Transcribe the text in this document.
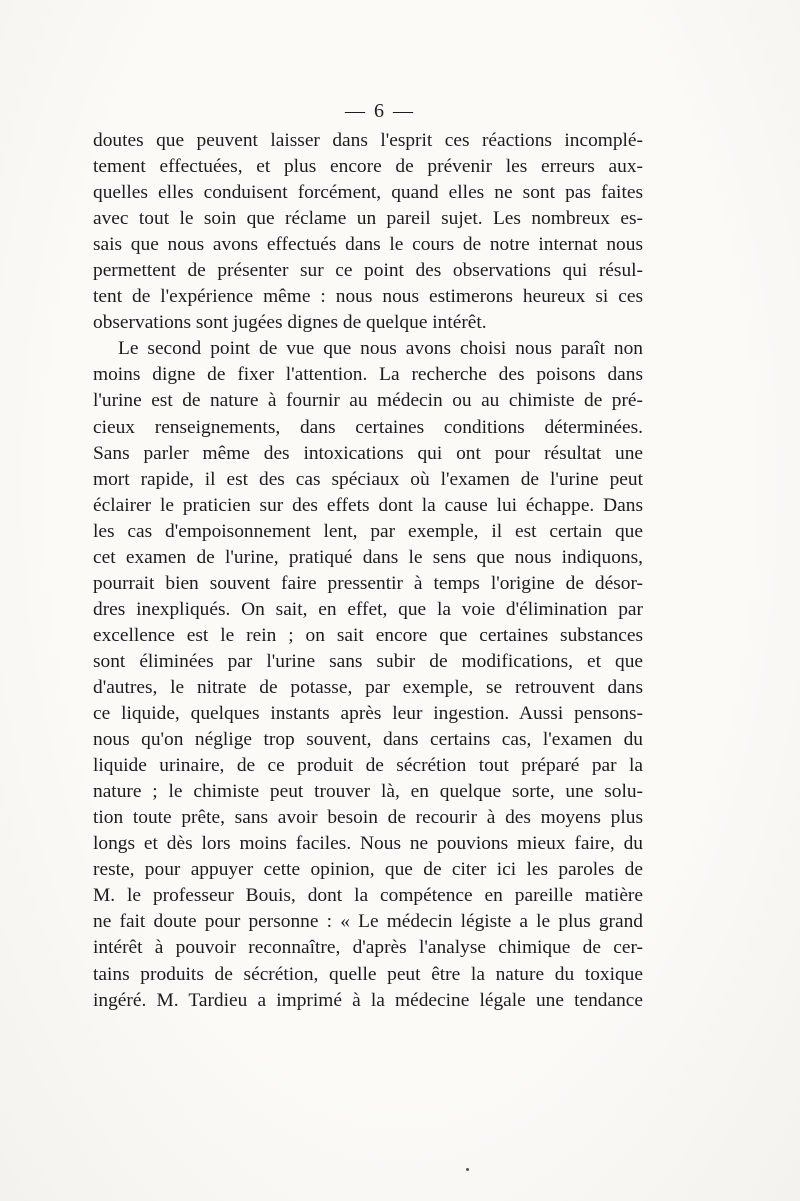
— 6 —
doutes que peuvent laisser dans l'esprit ces réactions incomplé-
tement effectuées, et plus encore de prévenir les erreurs aux-
quelles elles conduisent forcément, quand elles ne sont pas faites
avec tout le soin que réclame un pareil sujet. Les nombreux es-
sais que nous avons effectués dans le cours de notre internat nous
permettent de présenter sur ce point des observations qui résul-
tent de l'expérience même : nous nous estimerons heureux si ces
observations sont jugées dignes de quelque intérêt.
Le second point de vue que nous avons choisi nous paraît non
moins digne de fixer l'attention. La recherche des poisons dans
l'urine est de nature à fournir au médecin ou au chimiste de pré-
cieux renseignements, dans certaines conditions déterminées.
Sans parler même des intoxications qui ont pour résultat une
mort rapide, il est des cas spéciaux où l'examen de l'urine peut
éclairer le praticien sur des effets dont la cause lui échappe. Dans
les cas d'empoisonnement lent, par exemple, il est certain que
cet examen de l'urine, pratiqué dans le sens que nous indiquons,
pourrait bien souvent faire pressentir à temps l'origine de désor-
dres inexpliqués. On sait, en effet, que la voie d'élimination par
excellence est le rein ; on sait encore que certaines substances
sont éliminées par l'urine sans subir de modifications, et que
d'autres, le nitrate de potasse, par exemple, se retrouvent dans
ce liquide, quelques instants après leur ingestion. Aussi pensons-
nous qu'on néglige trop souvent, dans certains cas, l'examen du
liquide urinaire, de ce produit de sécrétion tout préparé par la
nature ; le chimiste peut trouver là, en quelque sorte, une solu-
tion toute prête, sans avoir besoin de recourir à des moyens plus
longs et dès lors moins faciles. Nous ne pouvions mieux faire, du
reste, pour appuyer cette opinion, que de citer ici les paroles de
M. le professeur Bouis, dont la compétence en pareille matière
ne fait doute pour personne : « Le médecin légiste a le plus grand
intérêt à pouvoir reconnaître, d'après l'analyse chimique de cer-
tains produits de sécrétion, quelle peut être la nature du toxique
ingéré. M. Tardieu a imprimé à la médecine légale une tendance
